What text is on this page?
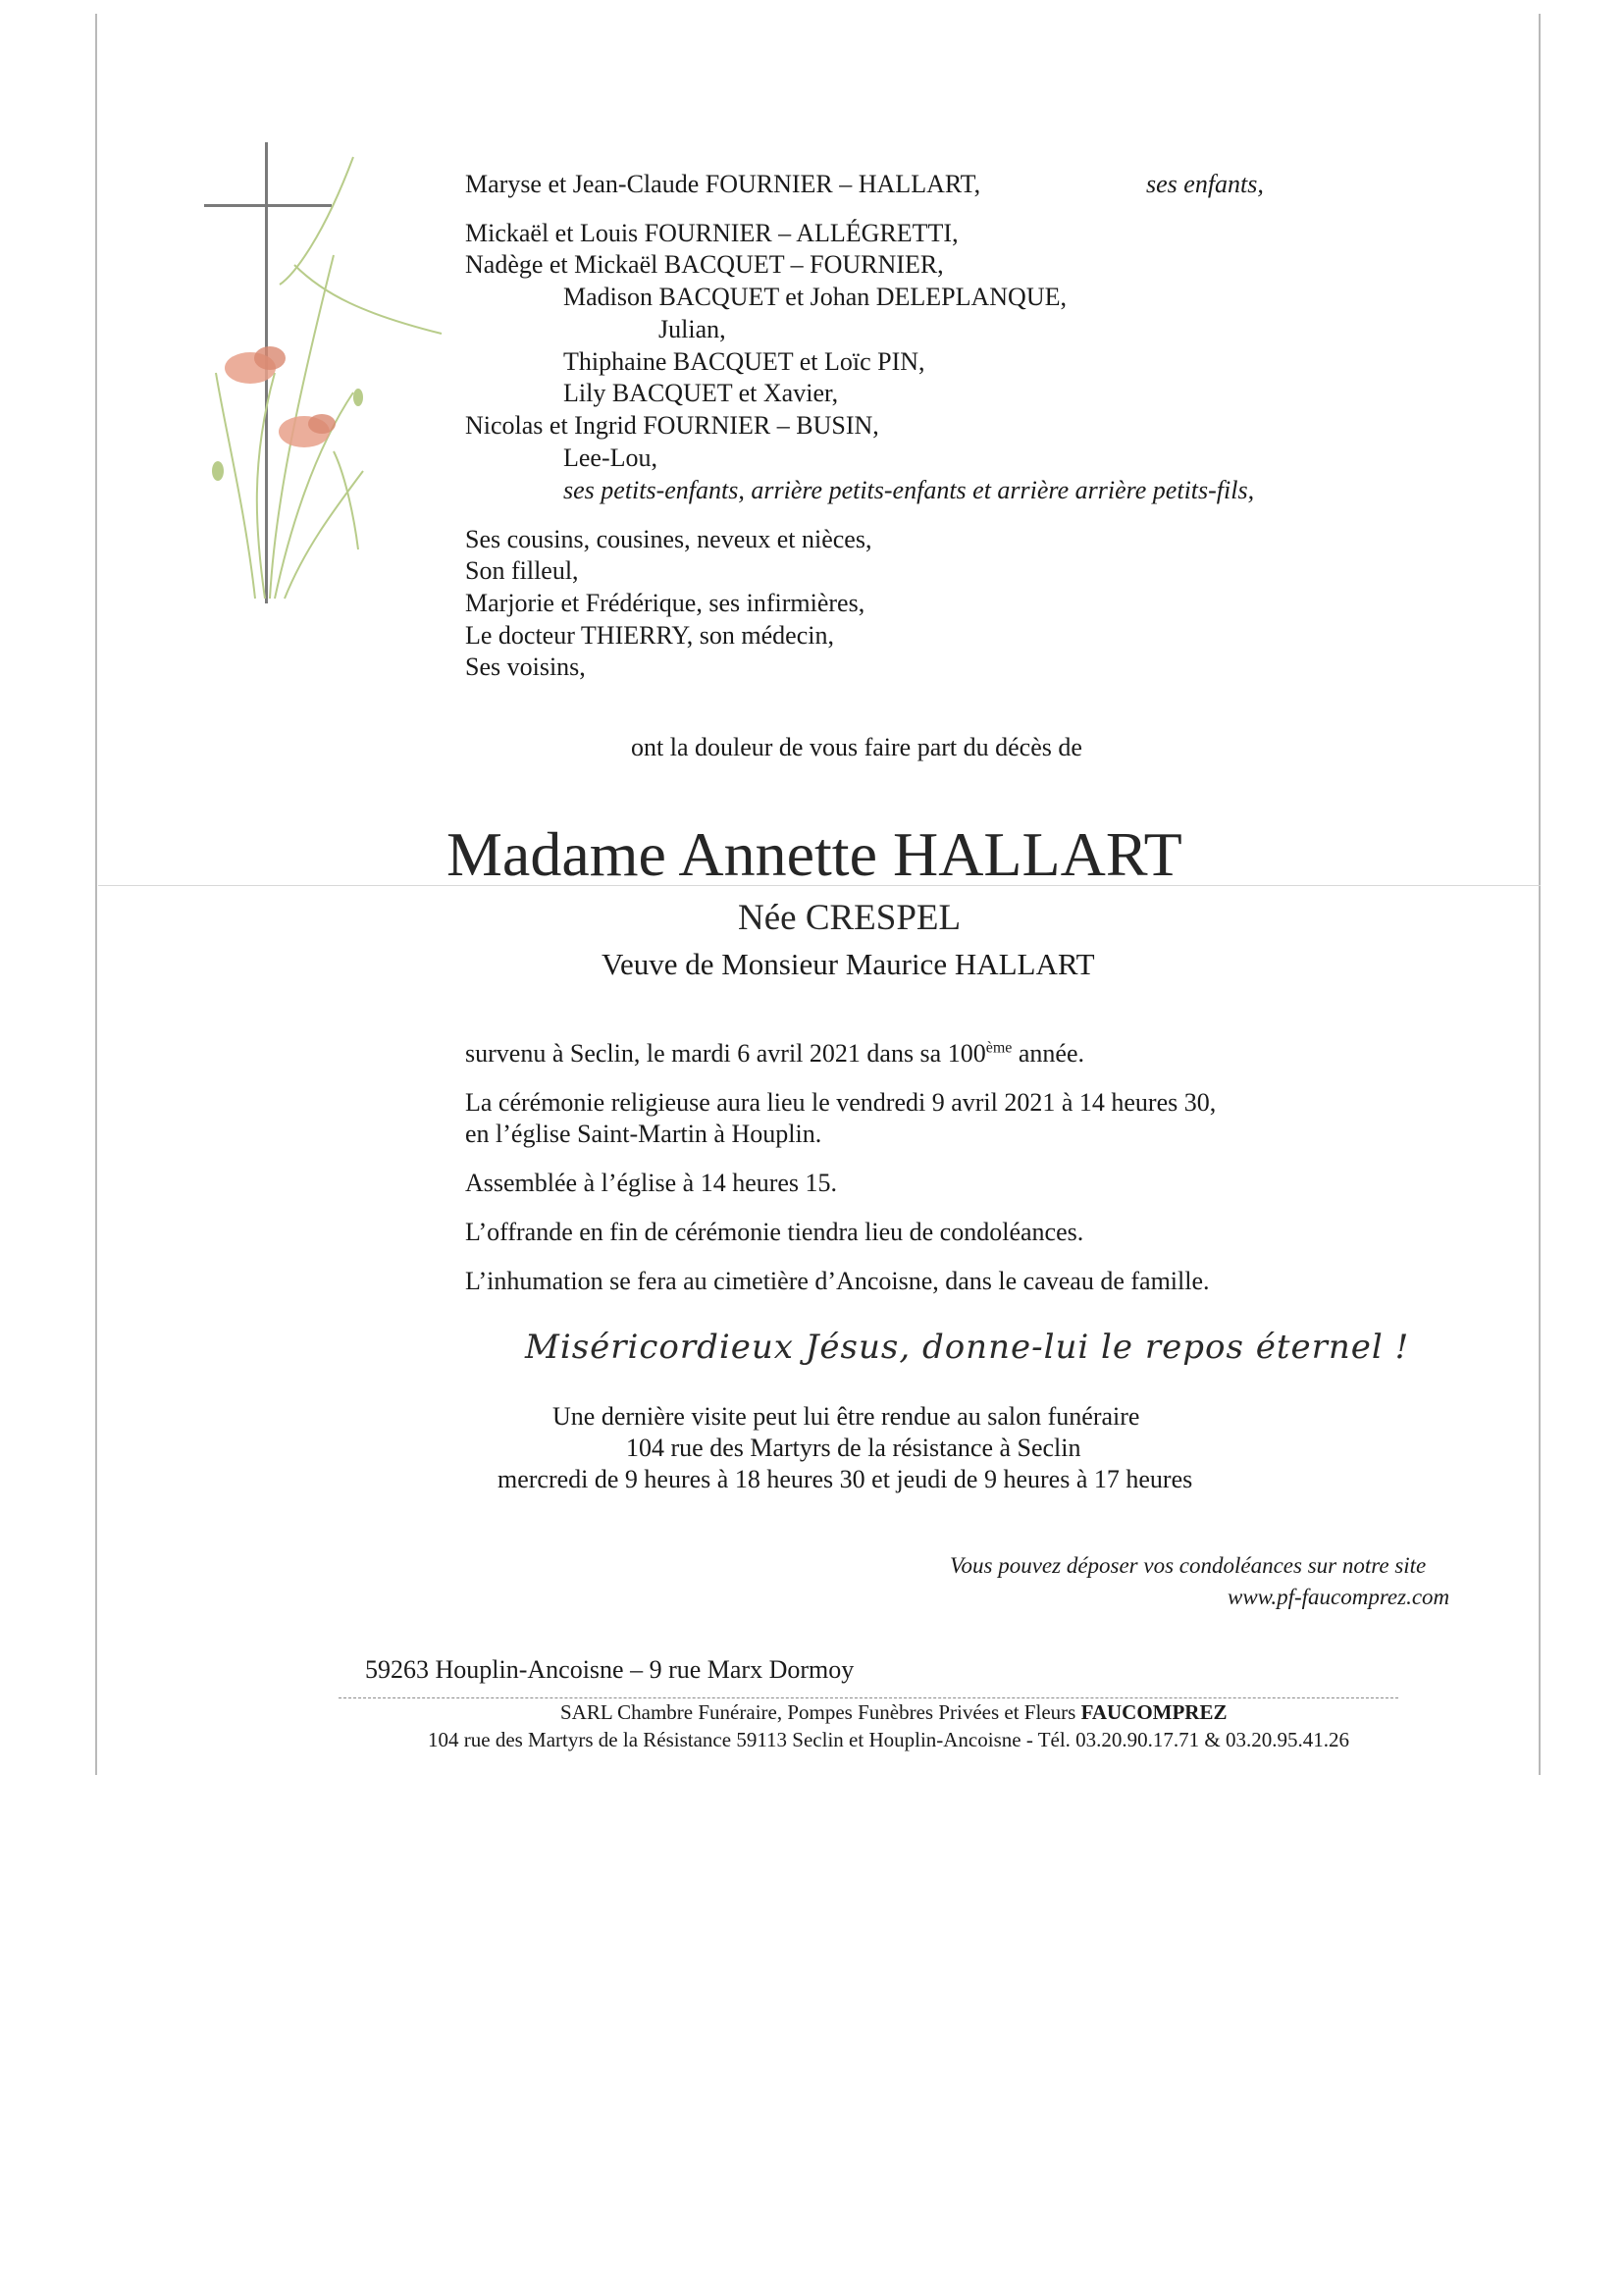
Maryse et Jean-Claude FOURNIER – HALLART,	ses enfants,
Mickaël et Louis FOURNIER – ALLÉGRETTI,
Nadège et Mickaël BACQUET – FOURNIER,
Madison BACQUET et Johan DELEPLANQUE,
Julian,
Thiphaine BACQUET et Loïc PIN,
Lily BACQUET et Xavier,
Nicolas et Ingrid FOURNIER – BUSIN,
Lee-Lou,
ses petits-enfants, arrière petits-enfants et arrière arrière petits-fils,
Ses cousins, cousines, neveux et nièces,
Son filleul,
Marjorie et Frédérique, ses infirmières,
Le docteur THIERRY, son médecin,
Ses voisins,
ont la douleur de vous faire part du décès de
Madame Annette HALLART
Née CRESPEL
Veuve de Monsieur Maurice HALLART
survenu à Seclin, le mardi 6 avril 2021 dans sa 100ème année.
La cérémonie religieuse aura lieu le vendredi 9 avril 2021 à 14 heures 30,
en l’église Saint-Martin à Houplin.
Assemblée à l’église à 14 heures 15.
L’offrande en fin de cérémonie tiendra lieu de condoléances.
L’inhumation se fera au cimetière d’Ancoisne, dans le caveau de famille.
Miséricordieux Jésus, donne-lui le repos éternel !
Une dernière visite peut lui être rendue au salon funéraire
104 rue des Martyrs de la résistance à Seclin
mercredi de 9 heures à 18 heures 30 et jeudi de 9 heures à 17 heures
Vous pouvez déposer vos condoléances sur notre site
www.pf-faucomprez.com
59263 Houplin-Ancoisne – 9 rue Marx Dormoy
SARL Chambre Funéraire, Pompes Funèbres Privées et Fleurs FAUCOMPREZ
104 rue des Martyrs de la Résistance 59113 Seclin et Houplin-Ancoisne - Tél. 03.20.90.17.71 & 03.20.95.41.26
